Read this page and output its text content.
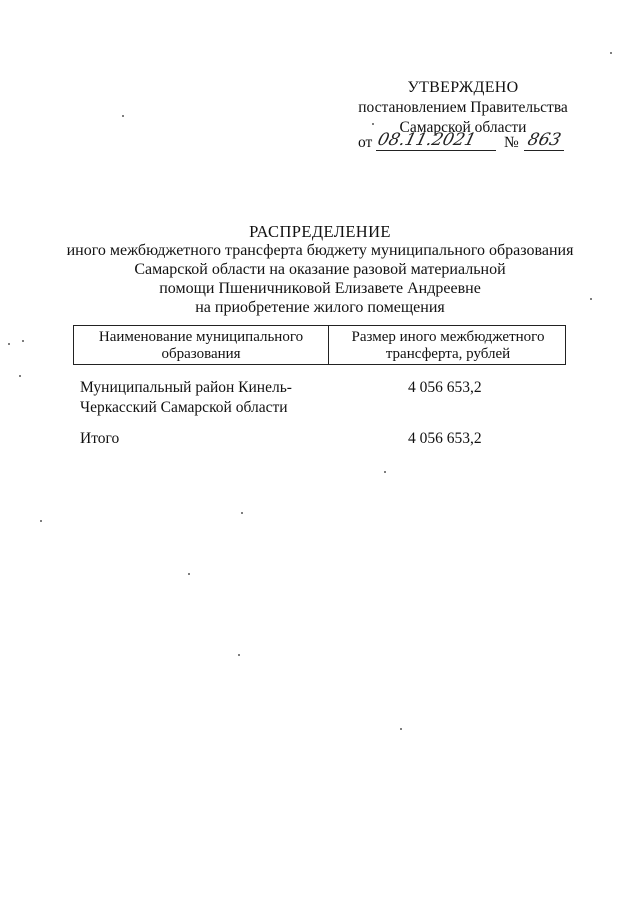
УТВЕРЖДЕНО
постановлением Правительства
Самарской области
от 08.11.2021 № 863
РАСПРЕДЕЛЕНИЕ
иного межбюджетного трансферта бюджету муниципального образования
Самарской области на оказание разовой материальной
помощи Пшеничниковой Елизавете Андреевне
на приобретение жилого помещения
Наименование муниципального
образования
Размер иного межбюджетного
трансферта, рублей
Муниципальный район Кинель-
Черкасский Самарской области
4 056 653,2
Итого	4 056 653,2
